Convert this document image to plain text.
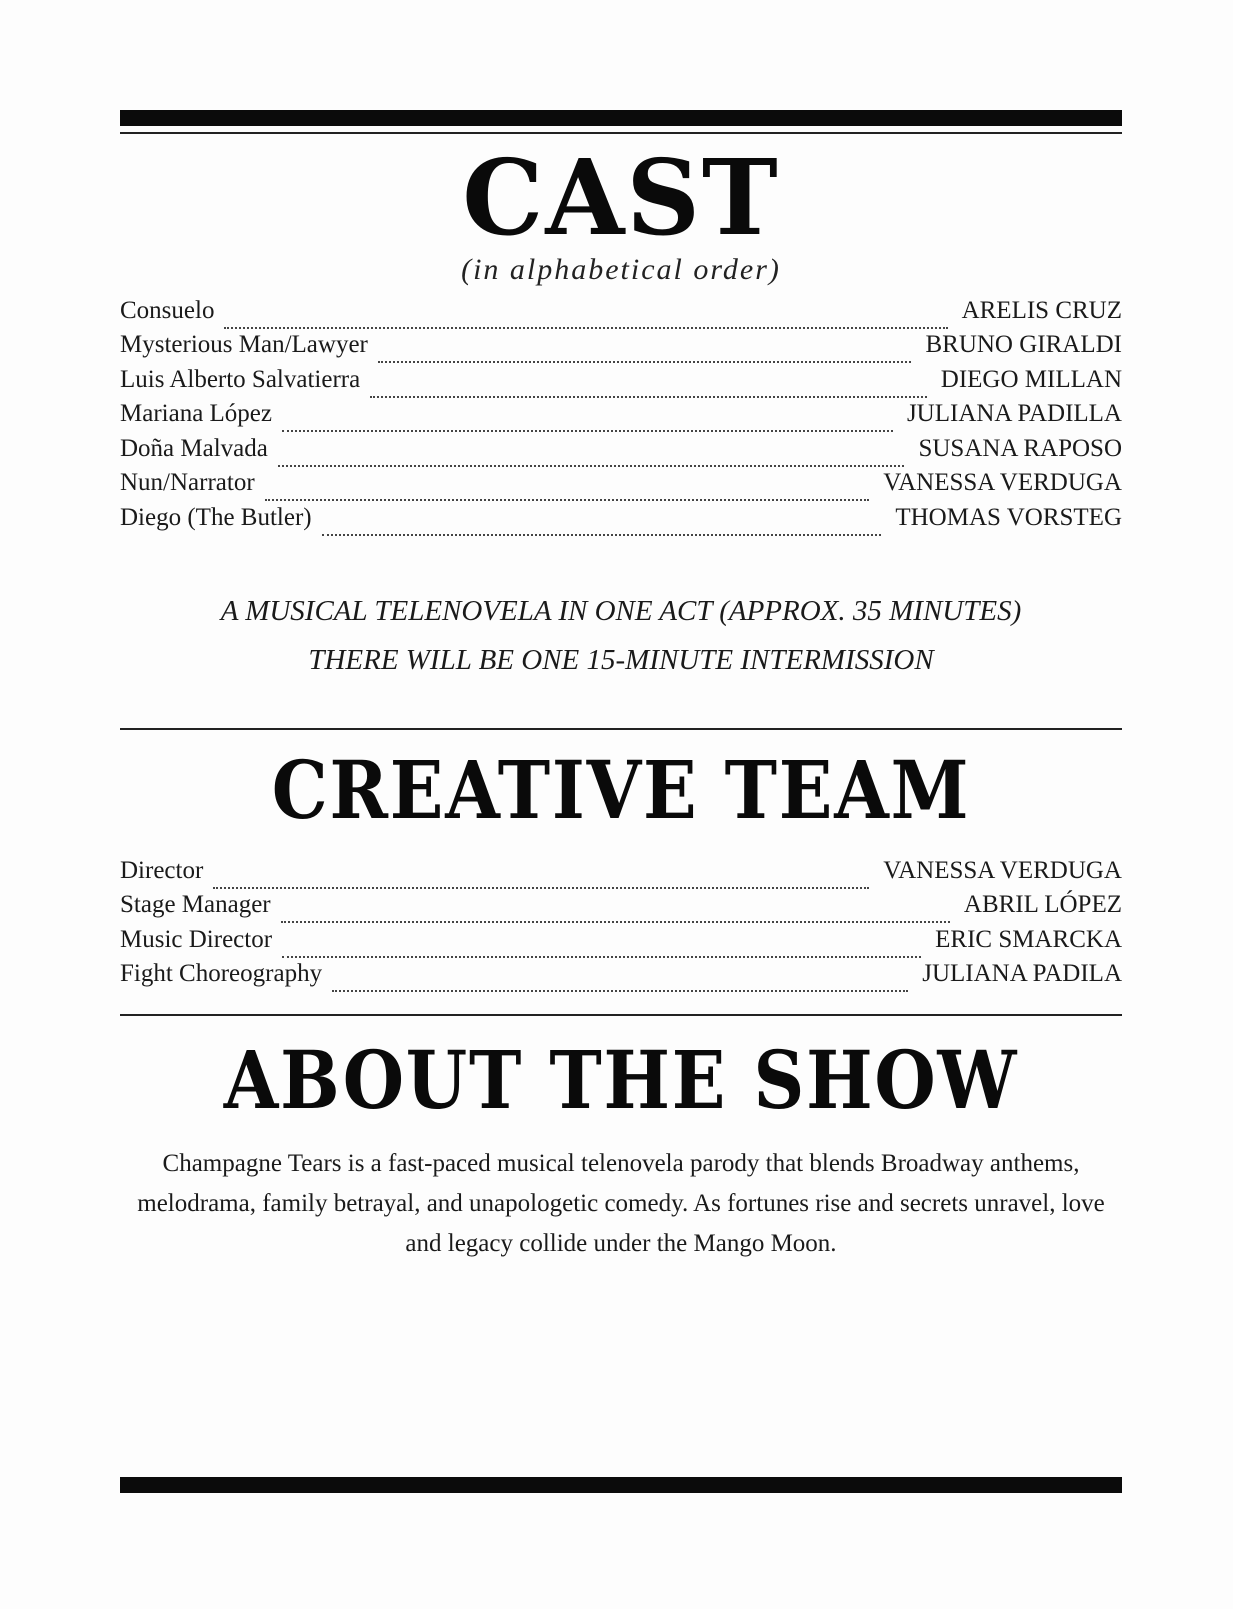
CAST
(in alphabetical order)
Consuelo	ARELIS CRUZ
Mysterious Man/Lawyer	BRUNO GIRALDI
Luis Alberto Salvatierra	DIEGO MILLAN
Mariana López	JULIANA PADILLA
Doña Malvada	SUSANA RAPOSO
Nun/Narrator	VANESSA VERDUGA
Diego (The Butler)	THOMAS VORSTEG
A MUSICAL TELENOVELA IN ONE ACT (APPROX. 35 MINUTES)
THERE WILL BE ONE 15-MINUTE INTERMISSION
CREATIVE TEAM
Director	VANESSA VERDUGA
Stage Manager	ABRIL LÓPEZ
Music Director	ERIC SMARCKA
Fight Choreography	JULIANA PADILA
ABOUT THE SHOW
Champagne Tears is a fast-paced musical telenovela parody that blends Broadway anthems, melodrama, family betrayal, and unapologetic comedy. As fortunes rise and secrets unravel, love and legacy collide under the Mango Moon.
